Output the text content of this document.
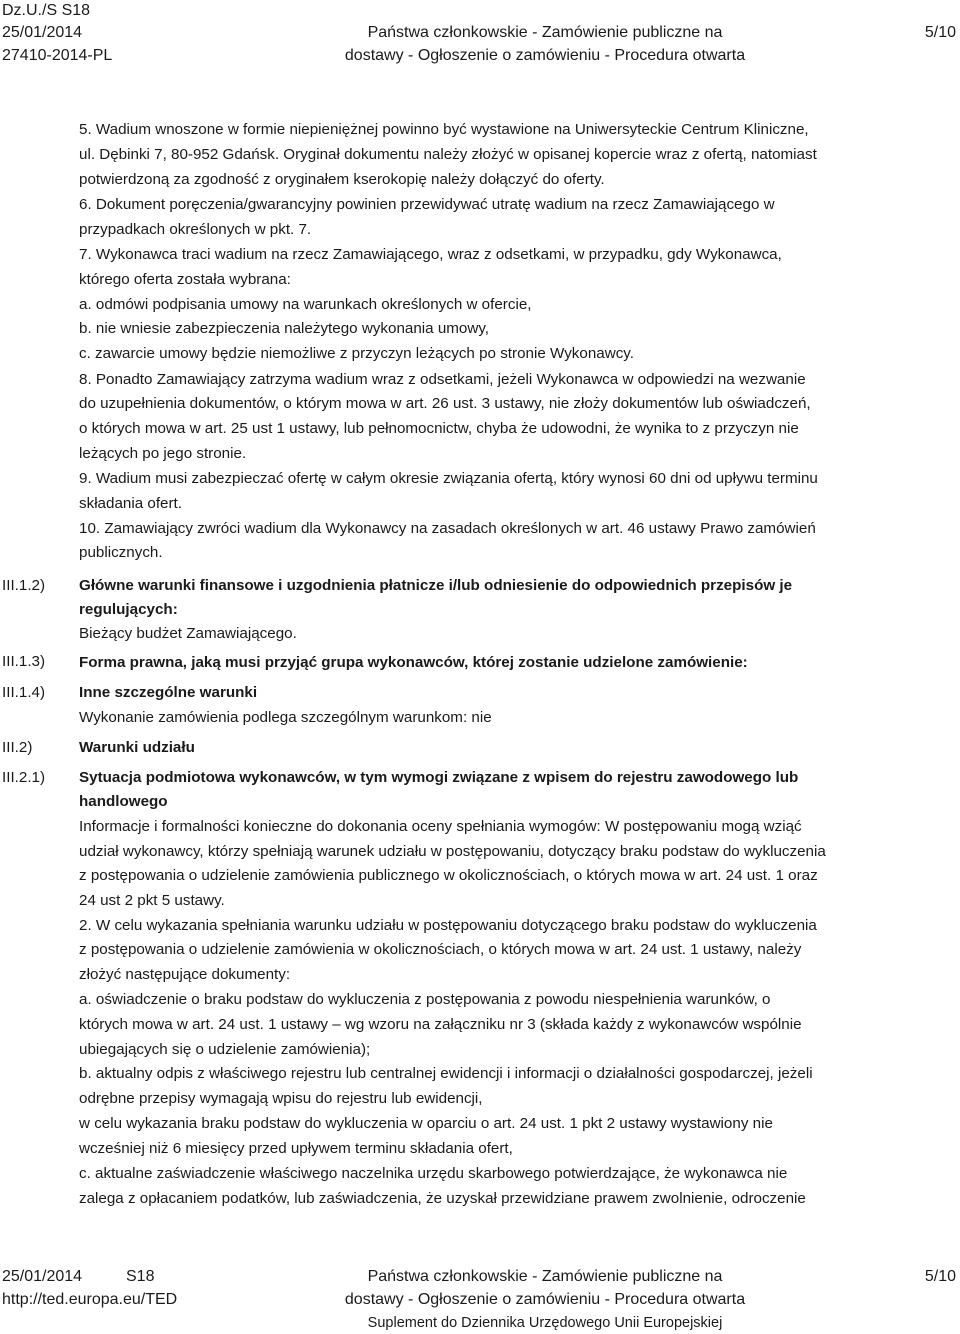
Dz.U./S S18
25/01/2014
27410-2014-PL
Państwa członkowskie - Zamówienie publiczne na
dostawy - Ogłoszenie o zamówieniu - Procedura otwarta
5/10
III.1.2)
III.1.3)
III.1.4)
III.2)
III.2.1)
5. Wadium wnoszone w formie niepieniężnej powinno być wystawione na Uniwersyteckie Centrum Kliniczne,
ul. Dębinki 7, 80-952 Gdańsk. Oryginał dokumentu należy złożyć w opisanej kopercie wraz z ofertą, natomiast
potwierdzoną za zgodność z oryginałem kserokopię należy dołączyć do oferty.
6. Dokument poręczenia/gwarancyjny powinien przewidywać utratę wadium na rzecz Zamawiającego w
przypadkach określonych w pkt. 7.
7. Wykonawca traci wadium na rzecz Zamawiającego, wraz z odsetkami, w przypadku, gdy Wykonawca,
którego oferta została wybrana:
a. odmówi podpisania umowy na warunkach określonych w ofercie,
b. nie wniesie zabezpieczenia należytego wykonania umowy,
c. zawarcie umowy będzie niemożliwe z przyczyn leżących po stronie Wykonawcy.
8. Ponadto Zamawiający zatrzyma wadium wraz z odsetkami, jeżeli Wykonawca w odpowiedzi na wezwanie
do uzupełnienia dokumentów, o którym mowa w art. 26 ust. 3 ustawy, nie złoży dokumentów lub oświadczeń,
o których mowa w art. 25 ust 1 ustawy, lub pełnomocnictw, chyba że udowodni, że wynika to z przyczyn nie
leżących po jego stronie.
9. Wadium musi zabezpieczać ofertę w całym okresie związania ofertą, który wynosi 60 dni od upływu terminu
składania ofert.
10. Zamawiający zwróci wadium dla Wykonawcy na zasadach określonych w art. 46 ustawy Prawo zamówień
publicznych.
Główne warunki finansowe i uzgodnienia płatnicze i/lub odniesienie do odpowiednich przepisów je
regulujących:
Bieżący budżet Zamawiającego.
Forma prawna, jaką musi przyjąć grupa wykonawców, której zostanie udzielone zamówienie:
Inne szczególne warunki
Wykonanie zamówienia podlega szczególnym warunkom: nie
Warunki udziału
Sytuacja podmiotowa wykonawców, w tym wymogi związane z wpisem do rejestru zawodowego lub
handlowego
Informacje i formalności konieczne do dokonania oceny spełniania wymogów: W postępowaniu mogą wziąć
udział wykonawcy, którzy spełniają warunek udziału w postępowaniu, dotyczący braku podstaw do wykluczenia
z postępowania o udzielenie zamówienia publicznego w okolicznościach, o których mowa w art. 24 ust. 1 oraz
24 ust 2 pkt 5 ustawy.
2. W celu wykazania spełniania warunku udziału w postępowaniu dotyczącego braku podstaw do wykluczenia
z postępowania o udzielenie zamówienia w okolicznościach, o których mowa w art. 24 ust. 1 ustawy, należy
złożyć następujące dokumenty:
a. oświadczenie o braku podstaw do wykluczenia z postępowania z powodu niespełnienia warunków, o
których mowa w art. 24 ust. 1 ustawy – wg wzoru na załączniku nr 3 (składa każdy z wykonawców wspólnie
ubiegających się o udzielenie zamówienia);
b. aktualny odpis z właściwego rejestru lub centralnej ewidencji i informacji o działalności gospodarczej, jeżeli
odrębne przepisy wymagają wpisu do rejestru lub ewidencji,
w celu wykazania braku podstaw do wykluczenia w oparciu o art. 24 ust. 1 pkt 2 ustawy wystawiony nie
wcześniej niż 6 miesięcy przed upływem terminu składania ofert,
c. aktualne zaświadczenie właściwego naczelnika urzędu skarbowego potwierdzające, że wykonawca nie
zalega z opłacaniem podatków, lub zaświadczenia, że uzyskał przewidziane prawem zwolnienie, odroczenie
25/01/2014	S18
http://ted.europa.eu/TED
Państwa członkowskie - Zamówienie publiczne na
dostawy - Ogłoszenie o zamówieniu - Procedura otwarta
Suplement do Dziennika Urzędowego Unii Europejskiej
5/10
